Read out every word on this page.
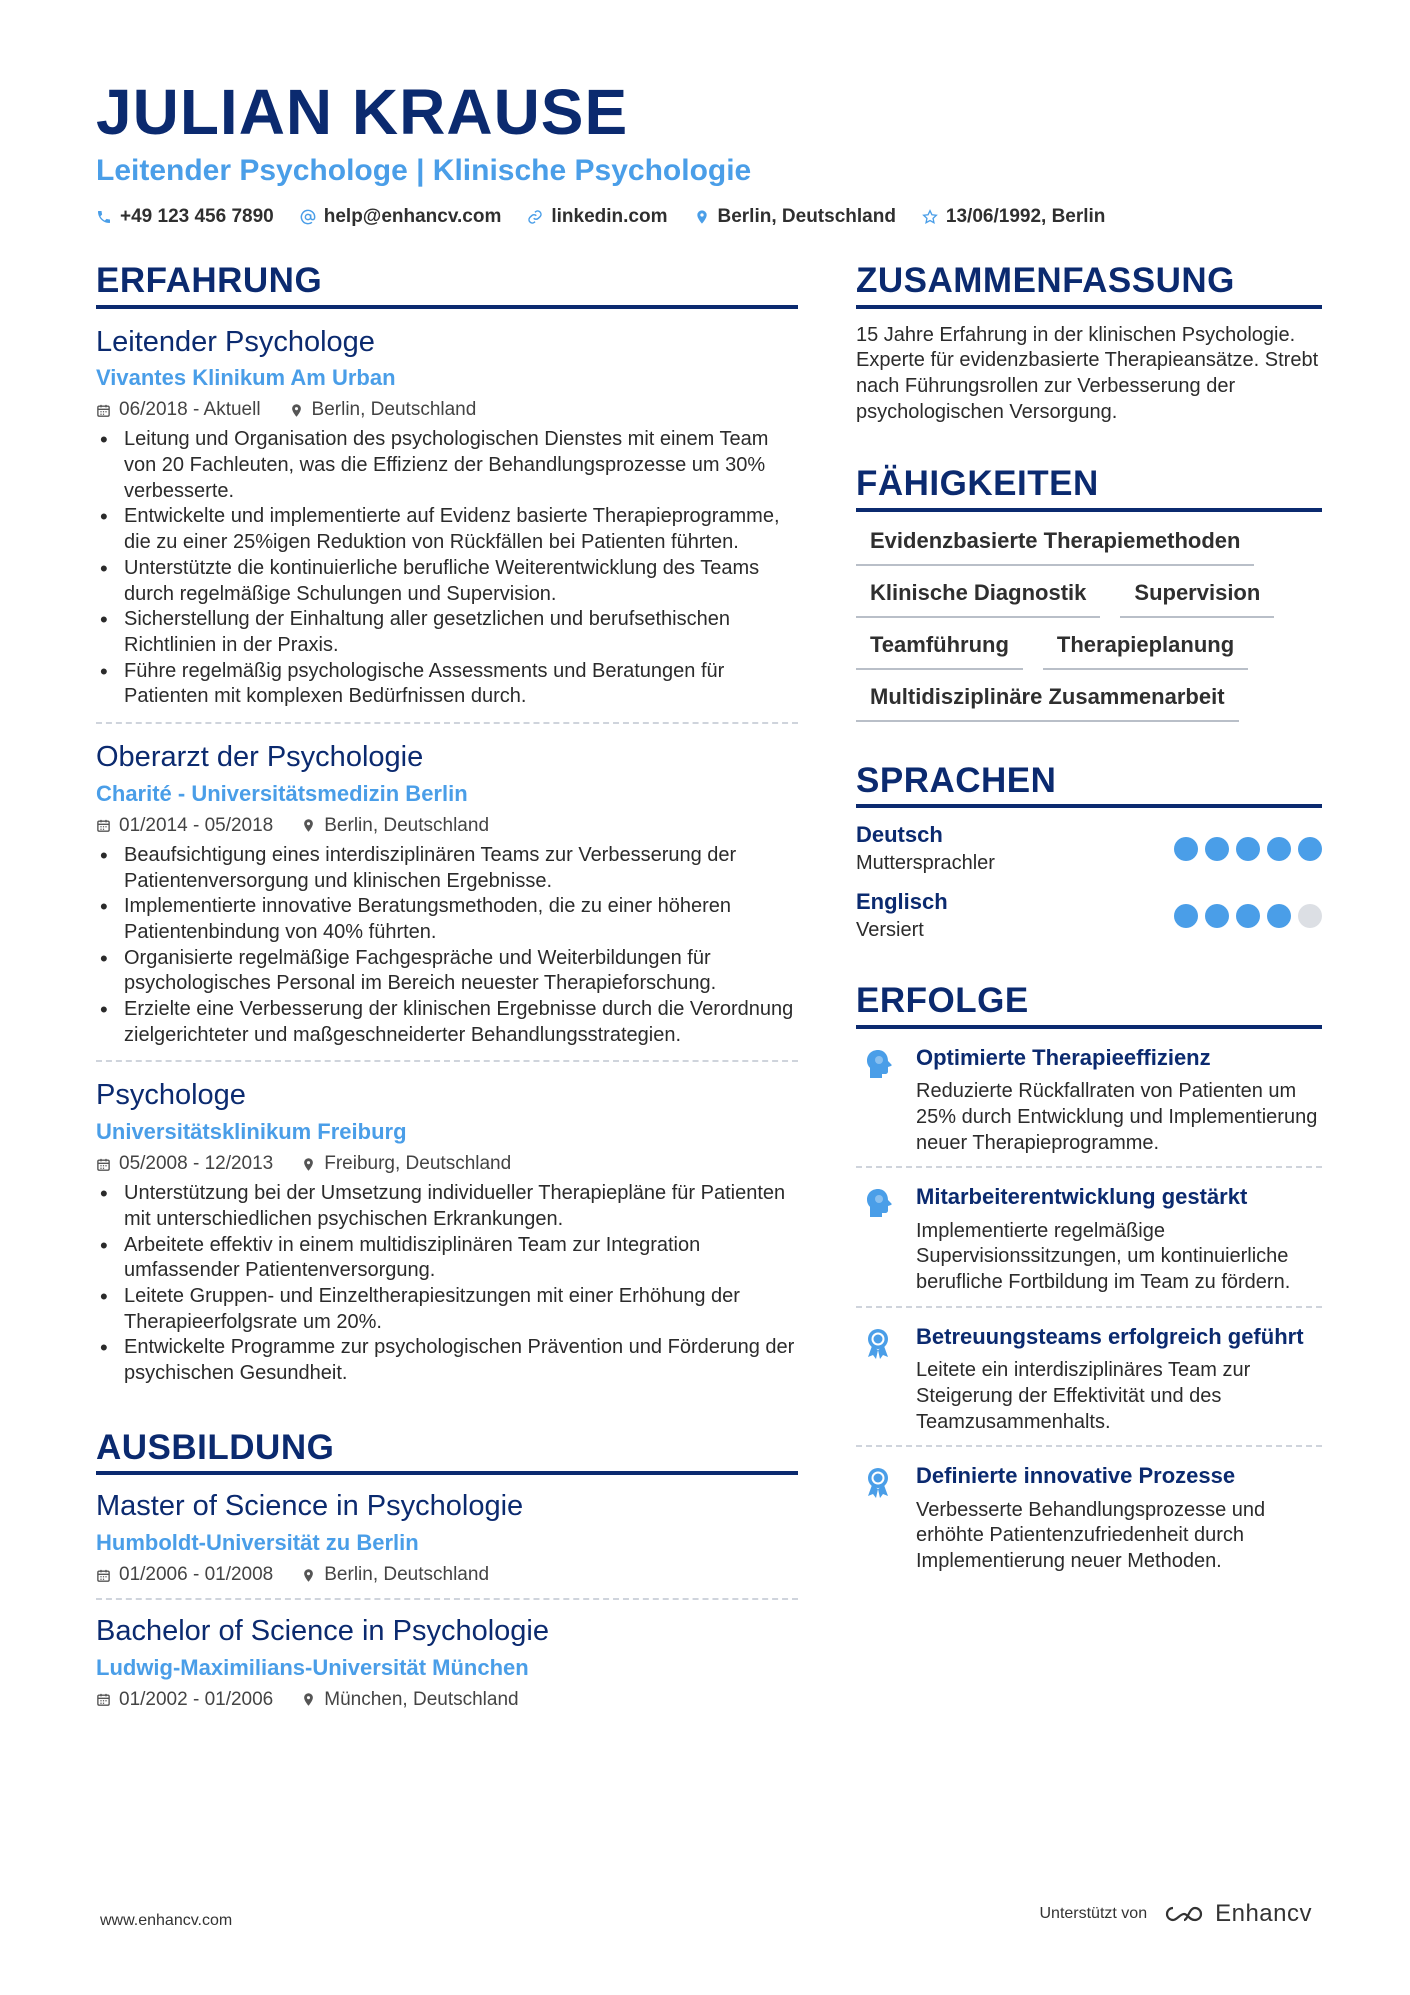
JULIAN KRAUSE
Leitender Psychologe | Klinische Psychologie
+49 123 456 7890	help@enhancv.com	linkedin.com	Berlin, Deutschland	13/06/1992, Berlin
ERFAHRUNG
Leitender Psychologe
Vivantes Klinikum Am Urban
06/2018 - Aktuell	Berlin, Deutschland
• Leitung und Organisation des psychologischen Dienstes mit einem Team von 20 Fachleuten, was die Effizienz der Behandlungsprozesse um 30% verbesserte.
• Entwickelte und implementierte auf Evidenz basierte Therapieprogramme, die zu einer 25%igen Reduktion von Rückfällen bei Patienten führten.
• Unterstützte die kontinuierliche berufliche Weiterentwicklung des Teams durch regelmäßige Schulungen und Supervision.
• Sicherstellung der Einhaltung aller gesetzlichen und berufsethischen Richtlinien in der Praxis.
• Führe regelmäßig psychologische Assessments und Beratungen für Patienten mit komplexen Bedürfnissen durch.
Oberarzt der Psychologie
Charité - Universitätsmedizin Berlin
01/2014 - 05/2018	Berlin, Deutschland
• Beaufsichtigung eines interdisziplinären Teams zur Verbesserung der Patientenversorgung und klinischen Ergebnisse.
• Implementierte innovative Beratungsmethoden, die zu einer höheren Patientenbindung von 40% führten.
• Organisierte regelmäßige Fachgespräche und Weiterbildungen für psychologisches Personal im Bereich neuester Therapieforschung.
• Erzielte eine Verbesserung der klinischen Ergebnisse durch die Verordnung zielgerichteter und maßgeschneiderter Behandlungsstrategien.
Psychologe
Universitätsklinikum Freiburg
05/2008 - 12/2013	Freiburg, Deutschland
• Unterstützung bei der Umsetzung individueller Therapiepläne für Patienten mit unterschiedlichen psychischen Erkrankungen.
• Arbeitete effektiv in einem multidisziplinären Team zur Integration umfassender Patientenversorgung.
• Leitete Gruppen- und Einzeltherapiesitzungen mit einer Erhöhung der Therapieerfolgsrate um 20%.
• Entwickelte Programme zur psychologischen Prävention und Förderung der psychischen Gesundheit.
AUSBILDUNG
Master of Science in Psychologie
Humboldt-Universität zu Berlin
01/2006 - 01/2008	Berlin, Deutschland
Bachelor of Science in Psychologie
Ludwig-Maximilians-Universität München
01/2002 - 01/2006	München, Deutschland
ZUSAMMENFASSUNG
15 Jahre Erfahrung in der klinischen Psychologie. Experte für evidenzbasierte Therapieansätze. Strebt nach Führungsrollen zur Verbesserung der psychologischen Versorgung.
FÄHIGKEITEN
Evidenzbasierte Therapiemethoden
Klinische Diagnostik	Supervision
Teamführung	Therapieplanung
Multidisziplinäre Zusammenarbeit
SPRACHEN
Deutsch
Muttersprachler
Englisch
Versiert
ERFOLGE
Optimierte Therapieeffizienz
Reduzierte Rückfallraten von Patienten um 25% durch Entwicklung und Implementierung neuer Therapieprogramme.
Mitarbeiterentwicklung gestärkt
Implementierte regelmäßige Supervisionssitzungen, um kontinuierliche berufliche Fortbildung im Team zu fördern.
Betreuungsteams erfolgreich geführt
Leitete ein interdisziplinäres Team zur Steigerung der Effektivität und des Teamzusammenhalts.
Definierte innovative Prozesse
Verbesserte Behandlungsprozesse und erhöhte Patientenzufriedenheit durch Implementierung neuer Methoden.
www.enhancv.com	Unterstützt von	Enhancv
